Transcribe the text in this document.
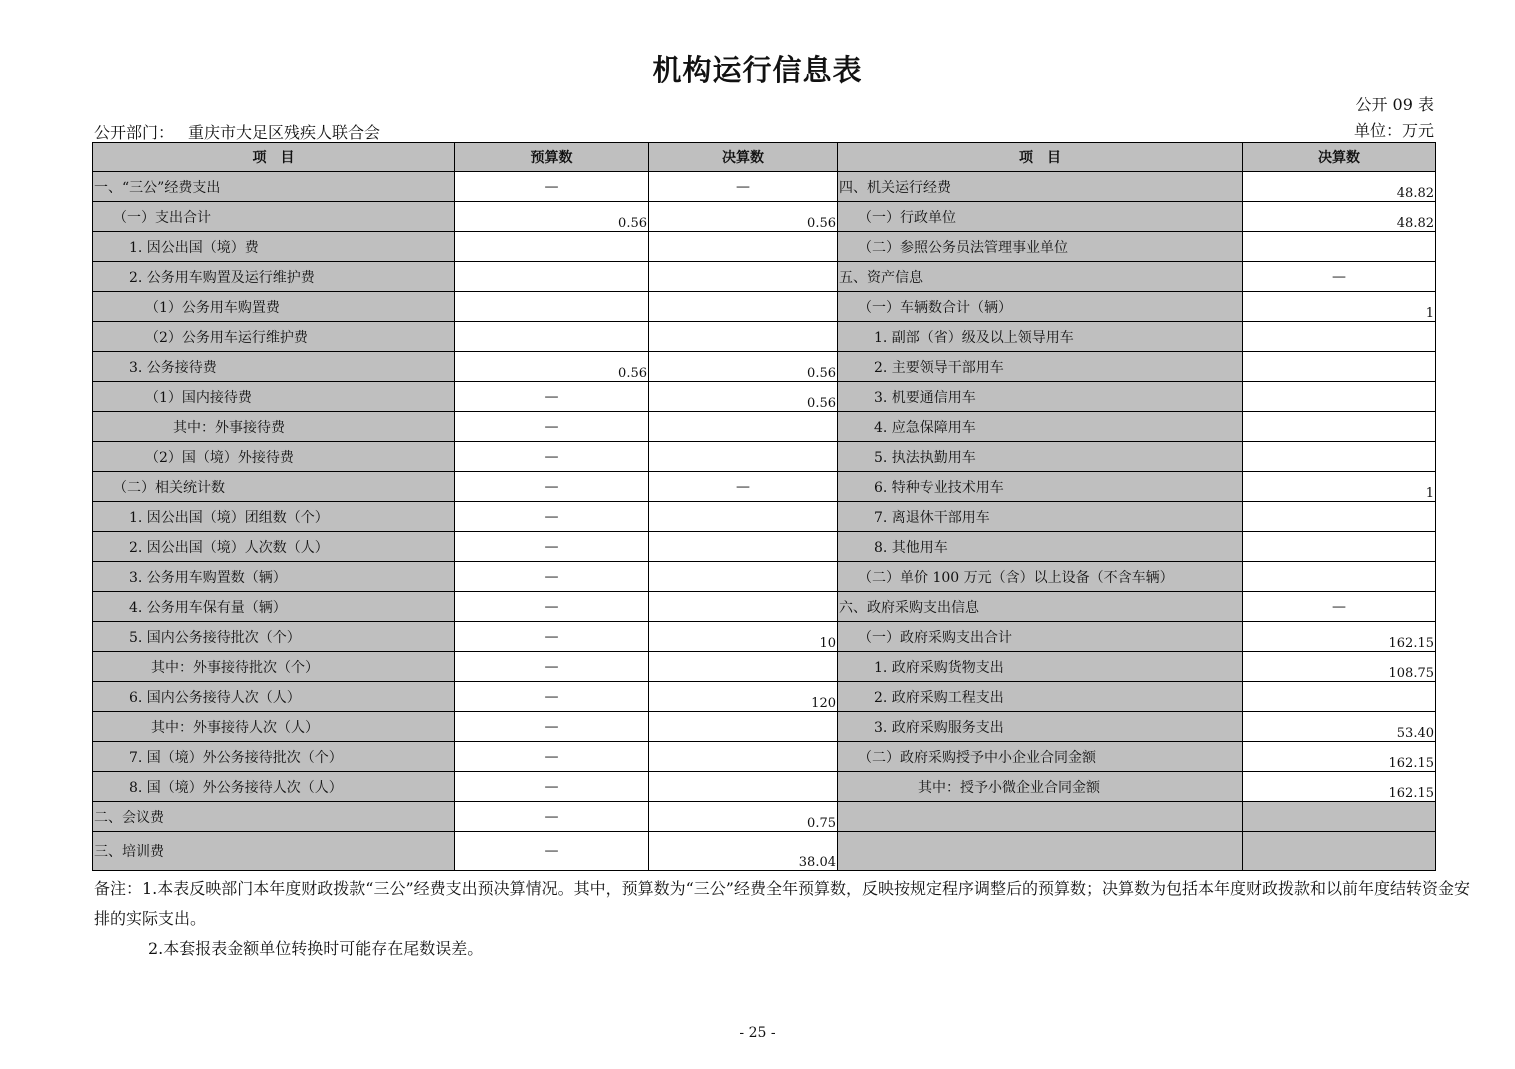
机构运行信息表
公开 09 表
公开部门： 重庆市大足区残疾人联合会	单位：万元
项　目	预算数	决算数	项　目	决算数
一、“三公”经费支出	—	—	四、机关运行经费	48.82
（一）支出合计	0.56	0.56	（一）行政单位	48.82
1. 因公出国（境）费			（二）参照公务员法管理事业单位	
2. 公务用车购置及运行维护费			五、资产信息	—
（1）公务用车购置费			（一）车辆数合计（辆）	1
（2）公务用车运行维护费			1. 副部（省）级及以上领导用车	
3. 公务接待费	0.56	0.56	2. 主要领导干部用车	
（1）国内接待费	—	0.56	3. 机要通信用车	
其中：外事接待费	—		4. 应急保障用车	
（2）国（境）外接待费	—		5. 执法执勤用车	
（二）相关统计数	—	—	6. 特种专业技术用车	1
1. 因公出国（境）团组数（个）	—		7. 离退休干部用车	
2. 因公出国（境）人次数（人）	—		8. 其他用车	
3. 公务用车购置数（辆）	—		（二）单价 100 万元（含）以上设备（不含车辆）	
4. 公务用车保有量（辆）	—		六、政府采购支出信息	—
5. 国内公务接待批次（个）	—	10	（一）政府采购支出合计	162.15
其中：外事接待批次（个）	—		1. 政府采购货物支出	108.75
6. 国内公务接待人次（人）	—	120	2. 政府采购工程支出	
其中：外事接待人次（人）	—		3. 政府采购服务支出	53.40
7. 国（境）外公务接待批次（个）	—		（二）政府采购授予中小企业合同金额	162.15
8. 国（境）外公务接待人次（人）	—		其中：授予小微企业合同金额	162.15
二、会议费	—	0.75		
三、培训费	—	38.04		

备注：1.本表反映部门本年度财政拨款“三公”经费支出预决算情况。其中，预算数为“三公”经费全年预算数，反映按规定程序调整后的预算数；决算数为包括本年度财政拨款和以前年度结转资金安排的实际支出。

2.本套报表金额单位转换时可能存在尾数误差。

- 25 -
